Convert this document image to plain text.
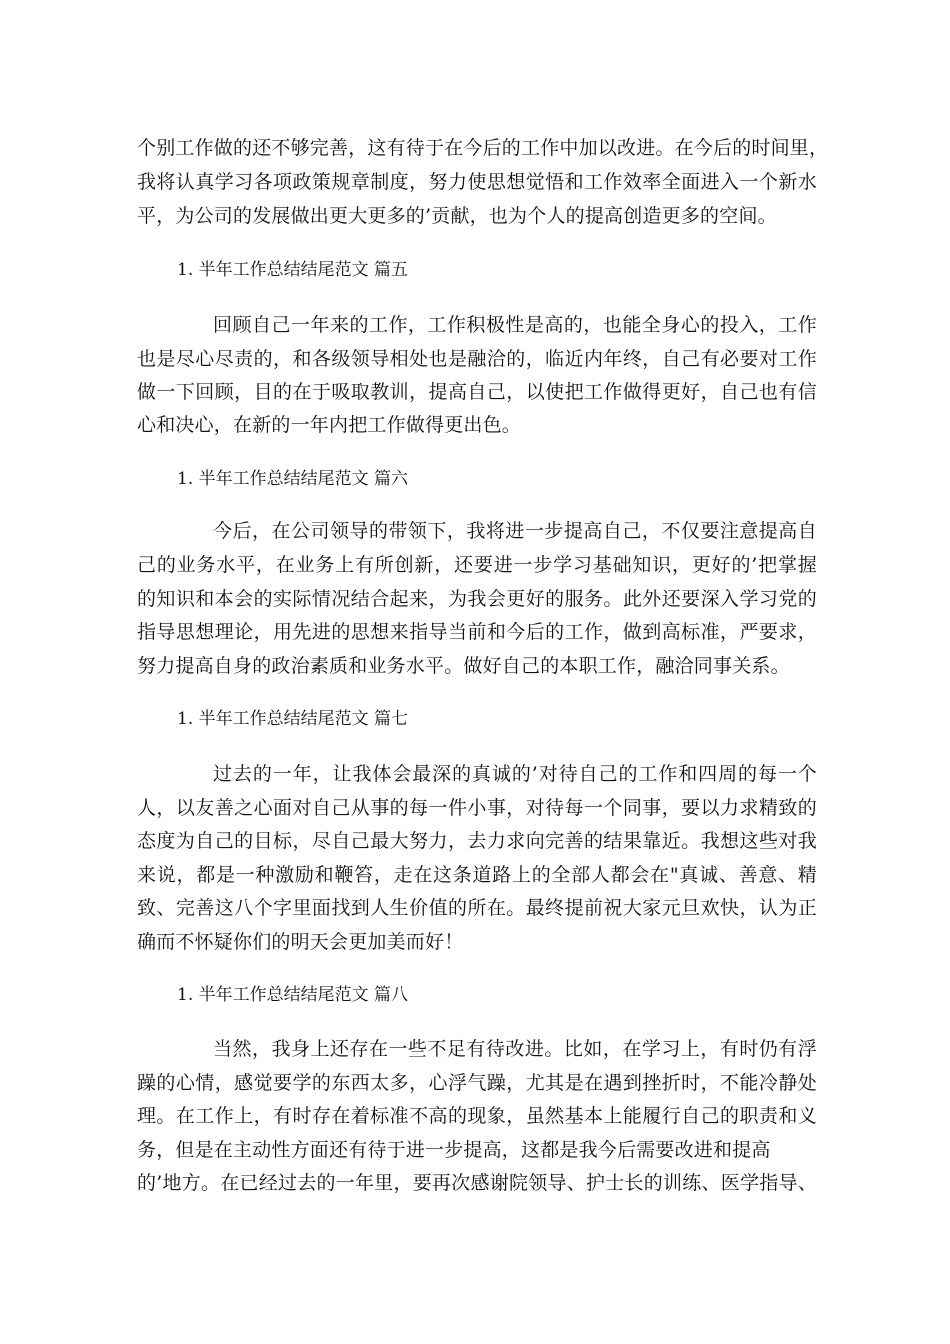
个别工作做的还不够完善，这有待于在今后的工作中加以改进。在今后的时间里，
我将认真学习各项政策规章制度，努力使思想觉悟和工作效率全面进入一个新水
平，为公司的发展做出更大更多的’贡献，也为个人的提高创造更多的空间。
1. 半年工作总结结尾范文 篇五
回顾自己一年来的工作，工作积极性是高的，也能全身心的投入，工作
也是尽心尽责的，和各级领导相处也是融洽的，临近内年终，自己有必要对工作
做一下回顾，目的在于吸取教训，提高自己，以使把工作做得更好，自己也有信
心和决心，在新的一年内把工作做得更出色。
1. 半年工作总结结尾范文 篇六
今后，在公司领导的带领下，我将进一步提高自己，不仅要注意提高自
己的业务水平，在业务上有所创新，还要进一步学习基础知识，更好的’把掌握
的知识和本会的实际情况结合起来，为我会更好的服务。此外还要深入学习党的
指导思想理论，用先进的思想来指导当前和今后的工作，做到高标准，严要求，
努力提高自身的政治素质和业务水平。做好自己的本职工作，融洽同事关系。
1. 半年工作总结结尾范文 篇七
过去的一年，让我体会最深的真诚的’对待自己的工作和四周的每一个
人，以友善之心面对自己从事的每一件小事，对待每一个同事，要以力求精致的
态度为自己的目标，尽自己最大努力，去力求向完善的结果靠近。我想这些对我
来说，都是一种激励和鞭笞，走在这条道路上的全部人都会在"真诚、善意、精
致、完善这八个字里面找到人生价值的所在。最终提前祝大家元旦欢快，认为正
确而不怀疑你们的明天会更加美而好！
1. 半年工作总结结尾范文 篇八
当然，我身上还存在一些不足有待改进。比如，在学习上，有时仍有浮
躁的心情，感觉要学的东西太多，心浮气躁，尤其是在遇到挫折时，不能冷静处
理。在工作上，有时存在着标准不高的现象，虽然基本上能履行自己的职责和义
务，但是在主动性方面还有待于进一步提高，这都是我今后需要改进和提高
的’地方。在已经过去的一年里，要再次感谢院领导、护士长的训练、医学指导、
